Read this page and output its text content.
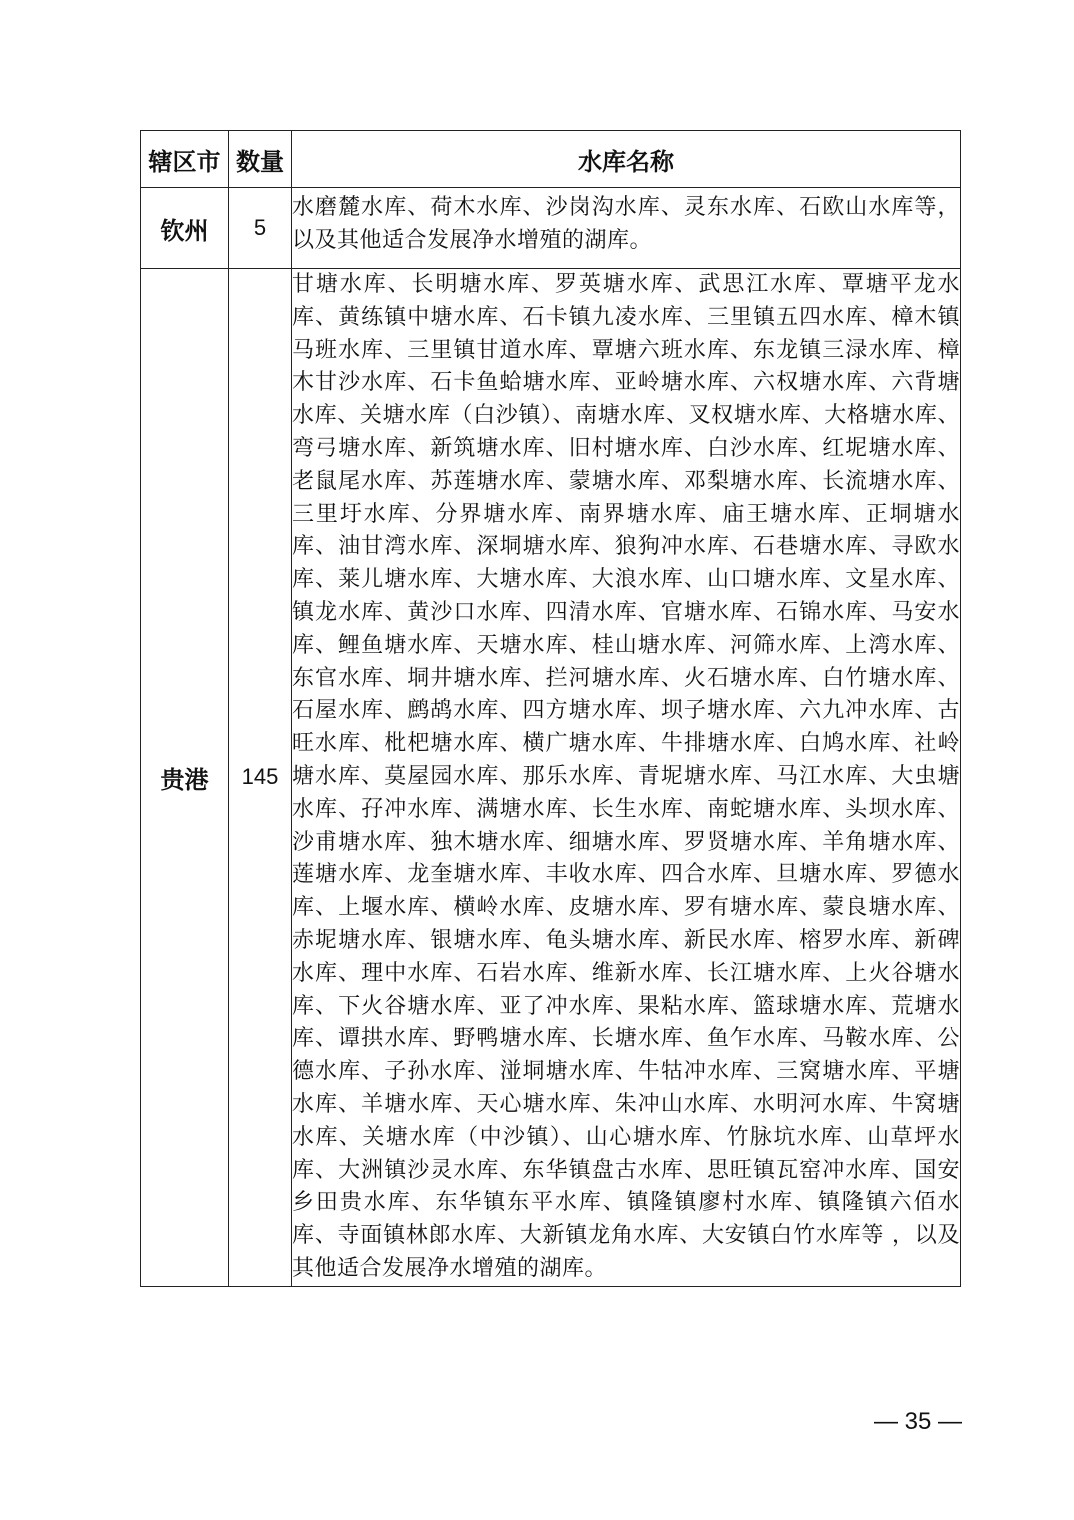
辖区市	数量	水库名称
钦州	5	水磨麓水库、荷木水库、沙岗沟水库、灵东水库、石欧山水库等，以及其他适合发展净水增殖的湖库。
贵港	145	甘塘水库、长明塘水库、罗英塘水库、武思江水库、覃塘平龙水库、黄练镇中塘水库、石卡镇九凌水库、三里镇五四水库、樟木镇马班水库、三里镇甘道水库、覃塘六班水库、东龙镇三渌水库、樟木甘沙水库、石卡鱼蛤塘水库、亚岭塘水库、六权塘水库、六背塘水库、关塘水库（白沙镇）、南塘水库、叉权塘水库、大格塘水库、弯弓塘水库、新筑塘水库、旧村塘水库、白沙水库、红坭塘水库、老鼠尾水库、苏莲塘水库、蒙塘水库、邓梨塘水库、长流塘水库、三里圩水库、分界塘水库、南界塘水库、庙王塘水库、正垌塘水库、油甘湾水库、深垌塘水库、狼狗冲水库、石巷塘水库、寻欧水库、莱儿塘水库、大塘水库、大浪水库、山口塘水库、文星水库、镇龙水库、黄沙口水库、四清水库、官塘水库、石锦水库、马安水库、鲤鱼塘水库、天塘水库、桂山塘水库、河筛水库、上湾水库、东官水库、垌井塘水库、拦河塘水库、火石塘水库、白竹塘水库、石屋水库、鹧鸪水库、四方塘水库、坝子塘水库、六九冲水库、古旺水库、枇杷塘水库、横广塘水库、牛排塘水库、白鸠水库、社岭塘水库、莫屋园水库、那乐水库、青坭塘水库、马江水库、大虫塘水库、孖冲水库、满塘水库、长生水库、南蛇塘水库、头坝水库、沙甫塘水库、独木塘水库、细塘水库、罗贤塘水库、羊角塘水库、莲塘水库、龙奎塘水库、丰收水库、四合水库、旦塘水库、罗德水库、上堰水库、横岭水库、皮塘水库、罗有塘水库、蒙良塘水库、赤坭塘水库、银塘水库、龟头塘水库、新民水库、榕罗水库、新碑水库、理中水库、石岩水库、维新水库、长江塘水库、上火谷塘水库、下火谷塘水库、亚了冲水库、果粘水库、篮球塘水库、荒塘水库、谭拱水库、野鸭塘水库、长塘水库、鱼乍水库、马鞍水库、公德水库、子孙水库、湴垌塘水库、牛牯冲水库、三窝塘水库、平塘水库、羊塘水库、天心塘水库、朱冲山水库、水明河水库、牛窝塘水库、关塘水库（中沙镇）、山心塘水库、竹脉坑水库、山草坪水库、大洲镇沙灵水库、东华镇盘古水库、思旺镇瓦窑冲水库、国安乡田贵水库、东华镇东平水库、镇隆镇廖村水库、镇隆镇六佰水库、寺面镇林郎水库、大新镇龙角水库、大安镇白竹水库等 ，以及其他适合发展净水增殖的湖库。
— 35 —
